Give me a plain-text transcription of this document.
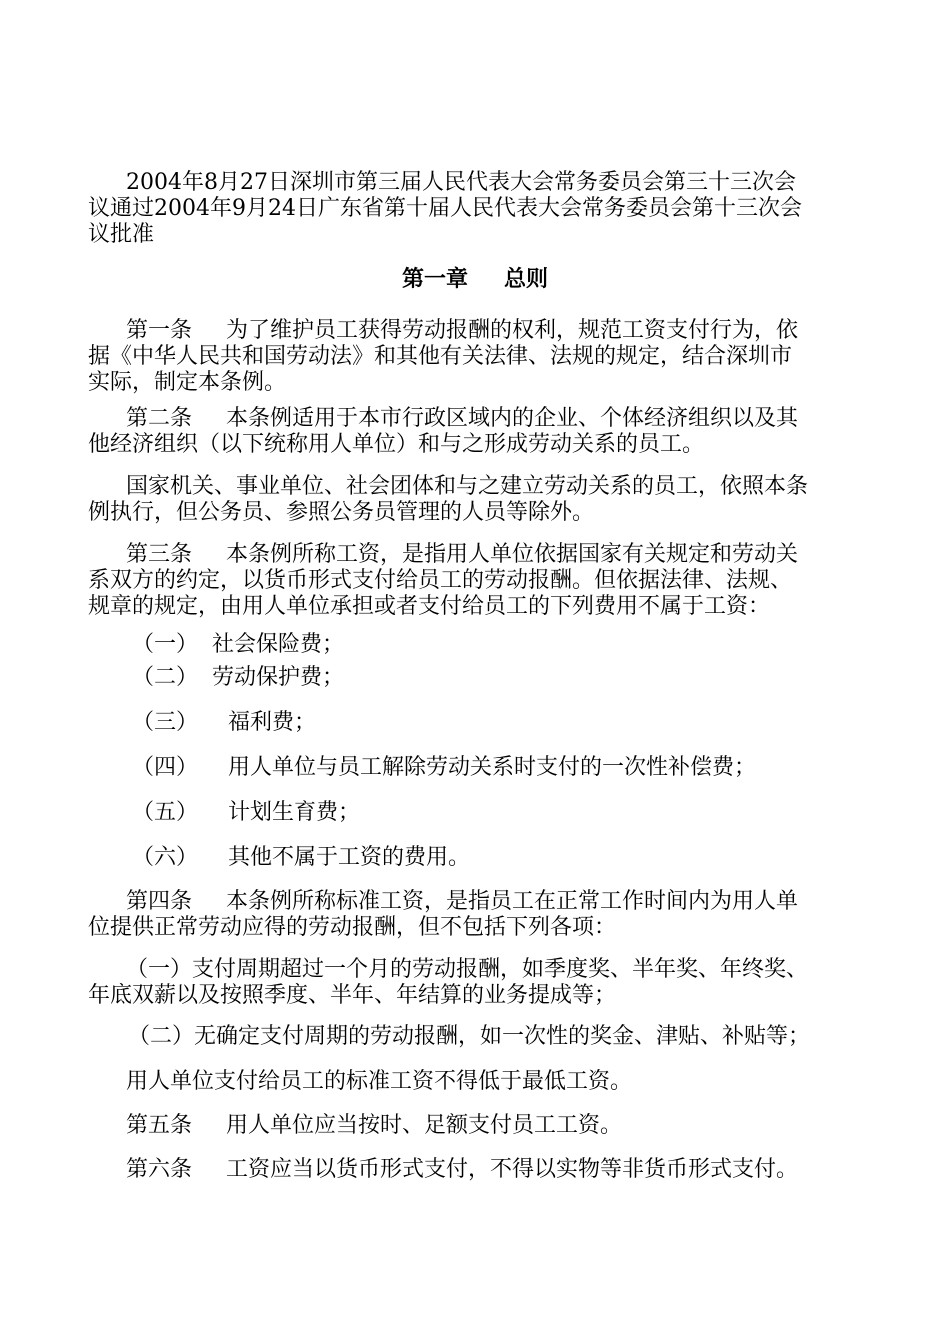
2004年8月27日深圳市第三届人民代表大会常务委员会第三十三次会议通过2004年9月24日广东省第十届人民代表大会常务委员会第十三次会议批准

第一章 总则

第一条 为了维护员工获得劳动报酬的权利，规范工资支付行为，依据《中华人民共和国劳动法》和其他有关法律、法规的规定，结合深圳市实际，制定本条例。

第二条 本条例适用于本市行政区域内的企业、个体经济组织以及其他经济组织（以下统称用人单位）和与之形成劳动关系的员工。

国家机关、事业单位、社会团体和与之建立劳动关系的员工，依照本条例执行，但公务员、参照公务员管理的人员等除外。

第三条 本条例所称工资，是指用人单位依据国家有关规定和劳动关系双方的约定，以货币形式支付给员工的劳动报酬。但依据法律、法规、规章的规定，由用人单位承担或者支付给员工的下列费用不属于工资：

（一） 社会保险费；
（二） 劳动保护费；
（三） 福利费；
（四） 用人单位与员工解除劳动关系时支付的一次性补偿费；
（五） 计划生育费；
（六） 其他不属于工资的费用。

第四条 本条例所称标准工资，是指员工在正常工作时间内为用人单位提供正常劳动应得的劳动报酬，但不包括下列各项：

（一）支付周期超过一个月的劳动报酬，如季度奖、半年奖、年终奖、年底双薪以及按照季度、半年、年结算的业务提成等；

（二）无确定支付周期的劳动报酬，如一次性的奖金、津贴、补贴等；

用人单位支付给员工的标准工资不得低于最低工资。

第五条 用人单位应当按时、足额支付员工工资。

第六条 工资应当以货币形式支付，不得以实物等非货币形式支付。
